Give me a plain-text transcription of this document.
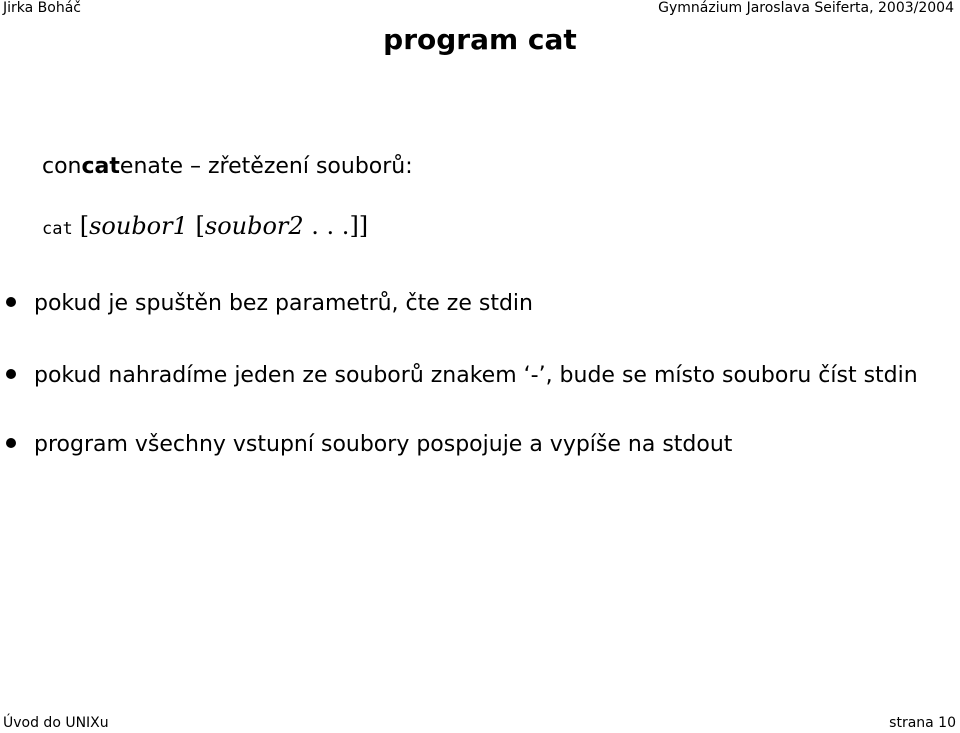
Jirka Boháč	Gymnázium Jaroslava Seiferta, 2003/2004
program cat
concatenate – zřetězení souborů:
cat [soubor1 [soubor2 . . .]]
pokud je spuštěn bez parametrů, čte ze stdin
pokud nahradíme jeden ze souborů znakem ‘-’, bude se místo souboru číst stdin
program všechny vstupní soubory pospojuje a vypíše na stdout
Úvod do UNIXu	strana 10
